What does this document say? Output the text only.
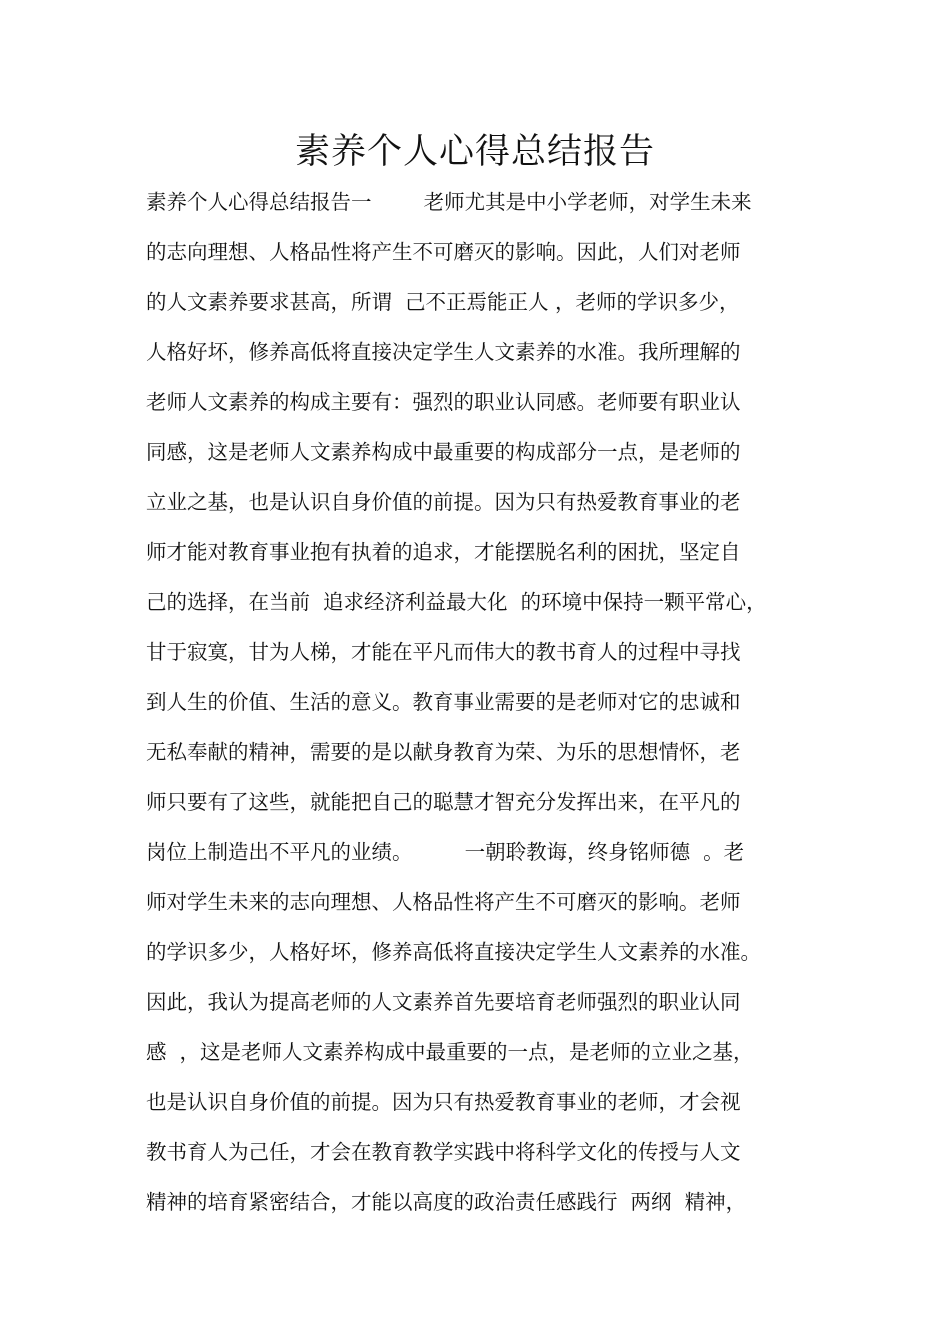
素养个人心得总结报告
素养个人心得总结报告一        老师尤其是中小学老师，对学生未来
的志向理想、人格品性将产生不可磨灭的影响。因此，人们对老师
的人文素养要求甚高，所谓  己不正焉能正人 ，老师的学识多少，
人格好坏，修养高低将直接决定学生人文素养的水准。我所理解的
老师人文素养的构成主要有：强烈的职业认同感。老师要有职业认
同感，这是老师人文素养构成中最重要的构成部分一点，是老师的
立业之基，也是认识自身价值的前提。因为只有热爱教育事业的老
师才能对教育事业抱有执着的追求，才能摆脱名利的困扰，坚定自
己的选择，在当前  追求经济利益最大化  的环境中保持一颗平常心，
甘于寂寞，甘为人梯，才能在平凡而伟大的教书育人的过程中寻找
到人生的价值、生活的意义。教育事业需要的是老师对它的忠诚和
无私奉献的精神，需要的是以献身教育为荣、为乐的思想情怀，老
师只要有了这些，就能把自己的聪慧才智充分发挥出来，在平凡的
岗位上制造出不平凡的业绩。        一朝聆教诲，终身铭师德  。老
师对学生未来的志向理想、人格品性将产生不可磨灭的影响。老师
的学识多少，人格好坏，修养高低将直接决定学生人文素养的水准。
因此，我认为提高老师的人文素养首先要培育老师强烈的职业认同
感  ，这是老师人文素养构成中最重要的一点，是老师的立业之基，
也是认识自身价值的前提。因为只有热爱教育事业的老师，才会视
教书育人为己任，才会在教育教学实践中将科学文化的传授与人文
精神的培育紧密结合，才能以高度的政治责任感践行  两纲  精神，
